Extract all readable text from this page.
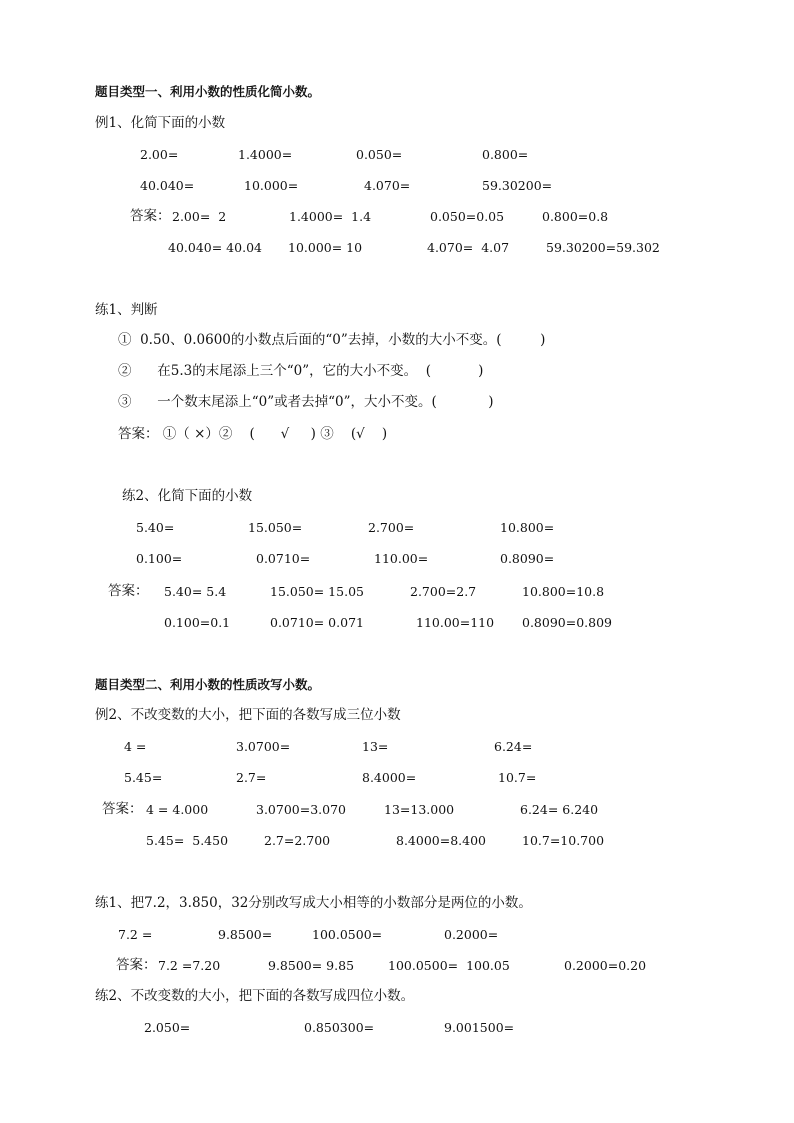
题目类型一、利用小数的性质化简小数。
例1、化简下面的小数
2.00=	1.4000=	0.050=	0.800=
40.040=	10.000=	4.070=	59.30200=
答案： 2.00=  2	1.4000=  1.4	0.050=0.05	0.800=0.8
40.040= 40.04 10.000= 10	4.070=  4.07	59.30200=59.302
练1、判断
①  0.50、0.0600的小数点后面的“0”去掉，小数的大小不变。(         )
②      在5.3的末尾添上三个“0”，它的大小不变。  (           )
③      一个数末尾添上“0”或者去掉“0”，大小不变。(            )
答案： ①（ ×）②    (      √     ) ③    (√    )
练2、化简下面的小数
5.40=	15.050=	2.700=	10.800=
0.100=	0.0710=	110.00=	0.8090=
答案： 5.40= 5.4	15.050= 15.05	2.700=2.7	10.800=10.8
0.100=0.1	0.0710= 0.071	110.00=110 0.8090=0.809
题目类型二、利用小数的性质改写小数。
例2、不改变数的大小，把下面的各数写成三位小数
4 =	3.0700=	13=	6.24=
5.45=	2.7=	8.4000=	10.7=
答案： 4 = 4.000	3.0700=3.070	13=13.000	6.24= 6.240
5.45=  5.450	2.7=2.700	8.4000=8.400	10.7=10.700
练1、把7.2，3.850，32分别改写成大小相等的小数部分是两位的小数。
7.2 =	9.8500=	100.0500=	0.2000=
答案： 7.2 =7.20	9.8500= 9.85	100.0500=  100.05	0.2000=0.20
练2、不改变数的大小，把下面的各数写成四位小数。
2.050=	0.850300=	9.001500=
